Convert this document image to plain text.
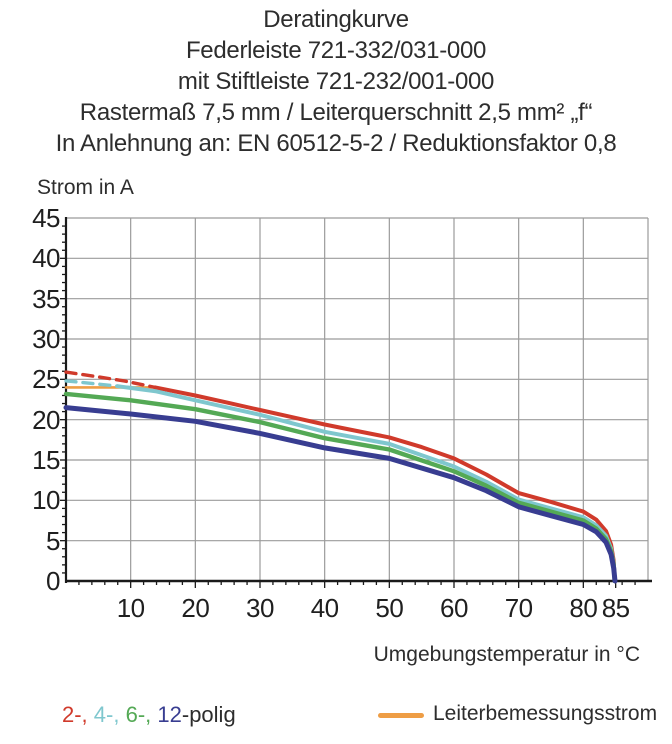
Deratingkurve
Federleiste 721-332/031-000
mit Stiftleiste 721-232/001-000
Rastermaß 7,5 mm / Leiterquerschnitt 2,5 mm² „f“
In Anlehnung an: EN 60512-5-2 / Reduktionsfaktor 0,8
Strom in A
0
5
10
15
20
25
30
35
40
45
10	20	30	40	50	60	70	80 85
Umgebungstemperatur in °C
2-, 4-, 6-, 12-polig	Leiterbemessungsstrom
